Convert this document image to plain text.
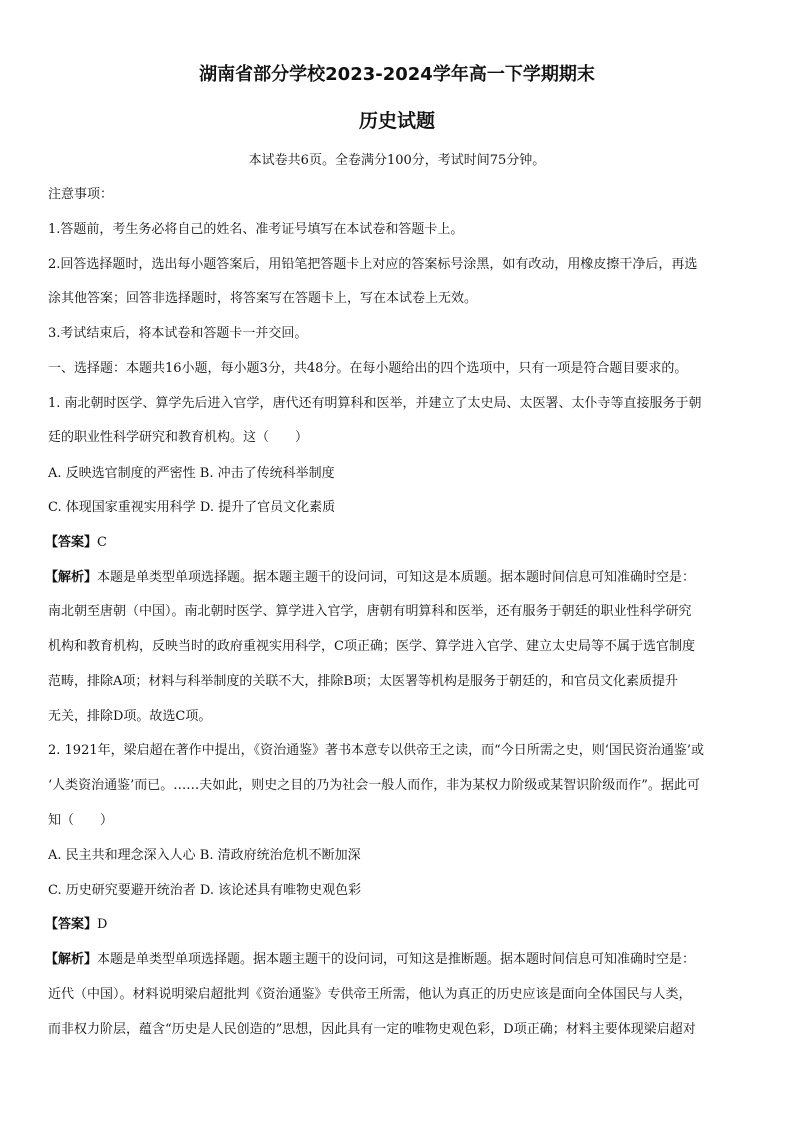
湖南省部分学校2023-2024学年高一下学期期末
历史试题
本试卷共6页。全卷满分100分，考试时间75分钟。
注意事项：
1.答题前，考生务必将自己的姓名、准考证号填写在本试卷和答题卡上。
2.回答选择题时，选出每小题答案后，用铅笔把答题卡上对应的答案标号涂黑，如有改动，用橡皮擦干净后，再选
涂其他答案；回答非选择题时，将答案写在答题卡上，写在本试卷上无效。
3.考试结束后，将本试卷和答题卡一并交回。
一、选择题：本题共16小题，每小题3分，共48分。在每小题给出的四个选项中，只有一项是符合题目要求的。
1. 南北朝时医学、算学先后进入官学，唐代还有明算科和医举，并建立了太史局、太医署、太仆寺等直接服务于朝
廷的职业性科学研究和教育机构。这（　　）
A. 反映选官制度的严密性 B. 冲击了传统科举制度
C. 体现国家重视实用科学 D. 提升了官员文化素质
【答案】C
【解析】本题是单类型单项选择题。据本题主题干的设问词，可知这是本质题。据本题时间信息可知准确时空是：
南北朝至唐朝（中国）。南北朝时医学、算学进入官学，唐朝有明算科和医举，还有服务于朝廷的职业性科学研究
机构和教育机构，反映当时的政府重视实用科学，C项正确；医学、算学进入官学、建立太史局等不属于选官制度
范畴，排除A项；材料与科举制度的关联不大，排除B项；太医署等机构是服务于朝廷的，和官员文化素质提升
无关，排除D项。故选C项。
2. 1921年，梁启超在著作中提出，《资治通鉴》著书本意专以供帝王之读，而“今日所需之史，则‘国民资治通鉴’或
‘人类资治通鉴’而已。……夫如此，则史之目的乃为社会一般人而作，非为某权力阶级或某智识阶级而作”。据此可
知（　　）
A. 民主共和理念深入人心 B. 清政府统治危机不断加深
C. 历史研究要避开统治者 D. 该论述具有唯物史观色彩
【答案】D
【解析】本题是单类型单项选择题。据本题主题干的设问词，可知这是推断题。据本题时间信息可知准确时空是：
近代（中国）。材料说明梁启超批判《资治通鉴》专供帝王所需，他认为真正的历史应该是面向全体国民与人类，
而非权力阶层，蕴含“历史是人民创造的”思想，因此具有一定的唯物史观色彩，D项正确；材料主要体现梁启超对
